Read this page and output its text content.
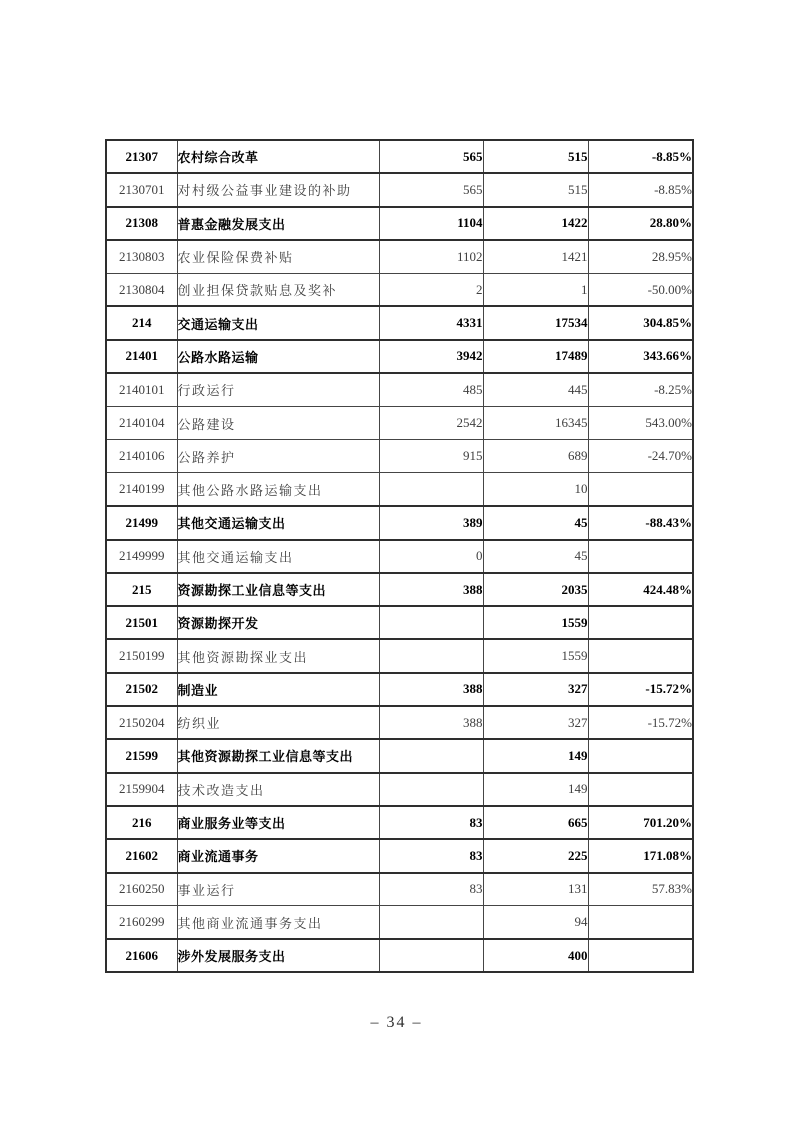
21307	农村综合改革	565	515	-8.85%
2130701	对村级公益事业建设的补助	565	515	-8.85%
21308	普惠金融发展支出	1104	1422	28.80%
2130803	农业保险保费补贴	1102	1421	28.95%
2130804	创业担保贷款贴息及奖补	2	1	-50.00%
214	交通运输支出	4331	17534	304.85%
21401	公路水路运输	3942	17489	343.66%
2140101	行政运行	485	445	-8.25%
2140104	公路建设	2542	16345	543.00%
2140106	公路养护	915	689	-24.70%
2140199	其他公路水路运输支出		10	
21499	其他交通运输支出	389	45	-88.43%
2149999	其他交通运输支出	0	45	
215	资源勘探工业信息等支出	388	2035	424.48%
21501	资源勘探开发		1559	
2150199	其他资源勘探业支出		1559	
21502	制造业	388	327	-15.72%
2150204	纺织业	388	327	-15.72%
21599	其他资源勘探工业信息等支出		149	
2159904	技术改造支出		149	
216	商业服务业等支出	83	665	701.20%
21602	商业流通事务	83	225	171.08%
2160250	事业运行	83	131	57.83%
2160299	其他商业流通事务支出		94	
21606	涉外发展服务支出		400	
– 34 –
